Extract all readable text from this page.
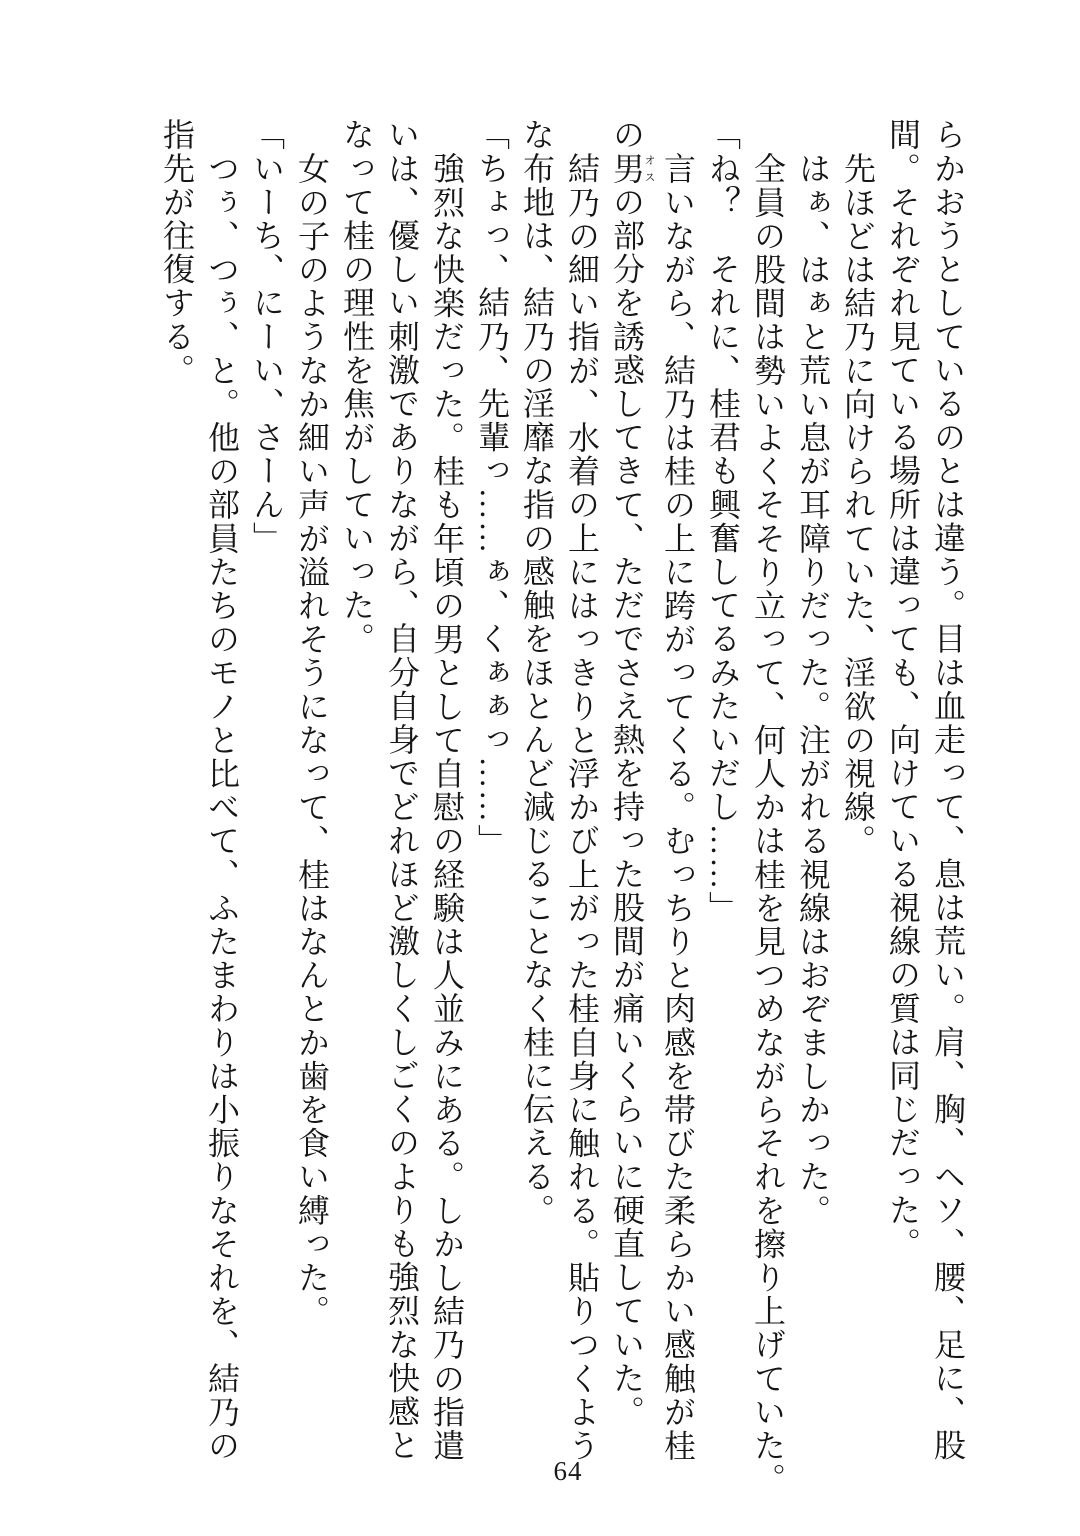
らかおうとしているのとは違う。目は血走って、息は荒い。肩、胸、ヘソ、腰、足に、股

間。それぞれ見ている場所は違っても、向けている視線の質は同じだった。

先ほどは結乃に向けられていた、淫欲の視線。

はぁ、はぁと荒い息が耳障りだった。注がれる視線はおぞましかった。

全員の股間は勢いよくそそり立って、何人かは桂を見つめながらそれを擦り上げていた。

「ね？　それに、桂君も興奮してるみたいだし……」

言いながら、結乃は桂の上に跨がってくる。むっちりと肉感を帯びた柔らかい感触が桂

の男オスの部分を誘惑してきて、ただでさえ熱を持った股間が痛いくらいに硬直していた。

結乃の細い指が、水着の上にはっきりと浮かび上がった桂自身に触れる。貼りつくよう

な布地は、結乃の淫靡な指の感触をほとんど減じることなく桂に伝える。

「ちょっ、結乃、先輩っ……ぁ、くぁぁっ……」

強烈な快楽だった。桂も年頃の男として自慰の経験は人並みにある。しかし結乃の指遣

いは、優しい刺激でありながら、自分自身でどれほど激しくしごくのよりも強烈な快感と

なって桂の理性を焦がしていった。

女の子のようなか細い声が溢れそうになって、桂はなんとか歯を食い縛った。

「いーち、にーい、さーん」

つぅ、つぅ、と。他の部員たちのモノと比べて、ふたまわりは小振りなそれを、結乃の

指先が往復する。

64
